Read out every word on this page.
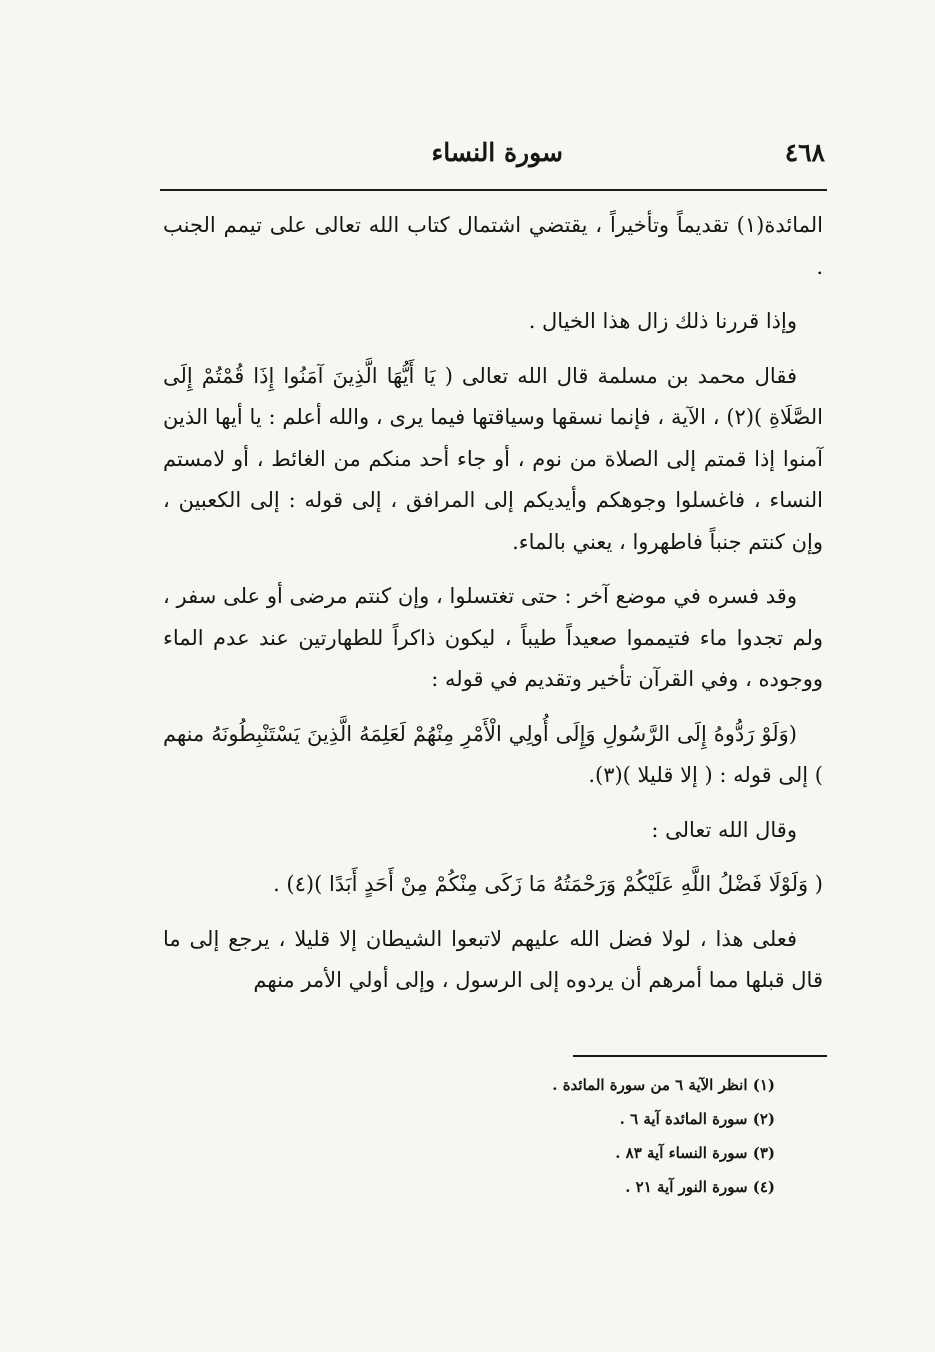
٤٦٨
سورة النساء

المائدة(١) تقديماً وتأخيراً ، يقتضي اشتمال كتاب الله تعالى على تيمم الجنب .

وإذا قررنا ذلك زال هذا الخيال .

فقال محمد بن مسلمة قال الله تعالى ( يَا أَيُّهَا الَّذِينَ آمَنُوا إِذَا قُمْتُمْ إِلَى الصَّلَاةِ )(٢) ، الآية ، فإنما نسقها وسياقتها فيما يرى ، والله أعلم : يا أيها الذين آمنوا إذا قمتم إلى الصلاة من نوم ، أو جاء أحد منكم من الغائط ، أو لامستم النساء ، فاغسلوا وجوهكم وأيديكم إلى المرافق ، إلى قوله : إلى الكعبين ، وإن كنتم جنباً فاطهروا ، يعني بالماء.

وقد فسره في موضع آخر : حتى تغتسلوا ، وإن كنتم مرضى أو على سفر ، ولم تجدوا ماء فتيمموا صعيداً طيباً ، ليكون ذاكراً للطهارتين عند عدم الماء ووجوده ، وفي القرآن تأخير وتقديم في قوله :

(وَلَوْ رَدُّوهُ إِلَى الرَّسُولِ وَإِلَى أُولِي الْأَمْرِ مِنْهُمْ لَعَلِمَهُ الَّذِينَ يَسْتَنْبِطُونَهُ منهم ) إلى قوله : ( إلا قليلا )(٣).

وقال الله تعالى :

( وَلَوْلَا فَضْلُ اللَّهِ عَلَيْكُمْ وَرَحْمَتُهُ مَا زَكَى مِنْكُمْ مِنْ أَحَدٍ أَبَدًا )(٤) .

فعلى هذا ، لولا فضل الله عليهم لاتبعوا الشيطان إلا قليلا ، يرجع إلى ما قال قبلها مما أمرهم أن يردوه إلى الرسول ، وإلى أولي الأمر منهم

(١) انظر الآية ٦ من سورة المائدة .

(٢) سورة المائدة آية ٦ .

(٣) سورة النساء آية ٨٣ .

(٤) سورة النور آية ٢١ .
